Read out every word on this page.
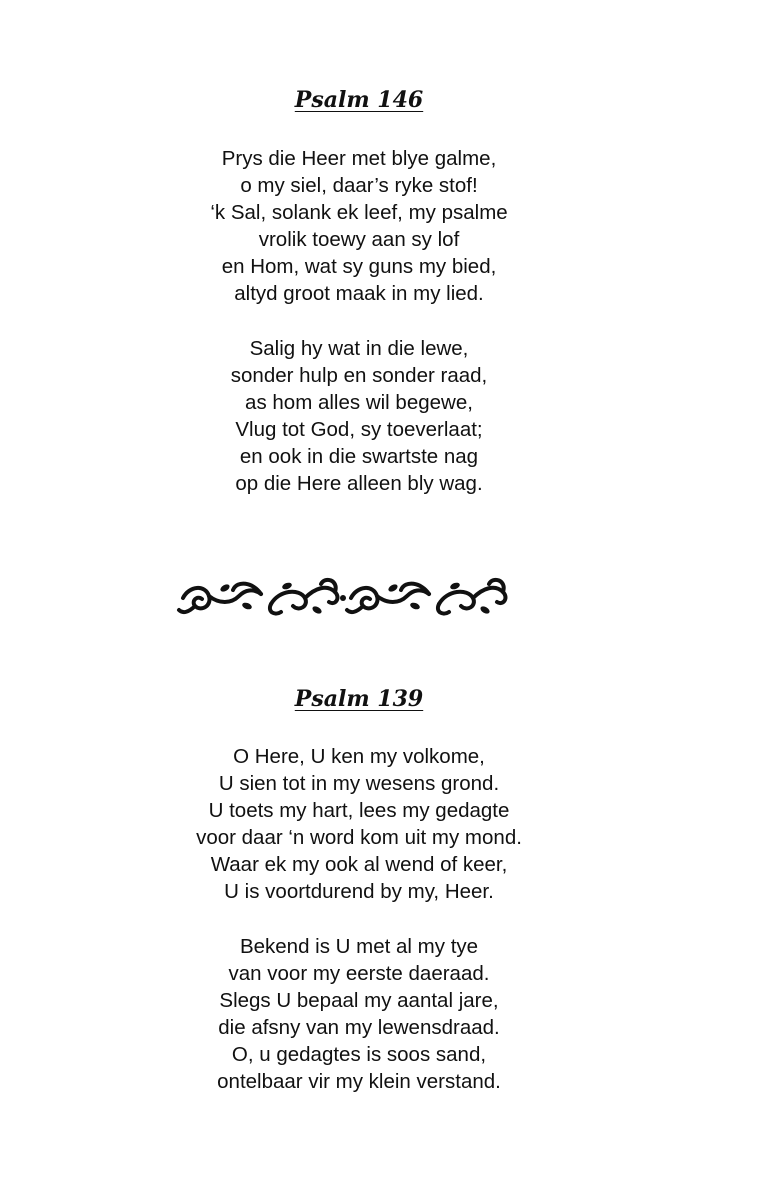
Psalm 146
Prys die Heer met blye galme,
o my siel, daar’s ryke stof!
‘k Sal, solank ek leef, my psalme
vrolik toewy aan sy lof
en Hom, wat sy guns my bied,
altyd groot maak in my lied.
Salig hy wat in die lewe,
sonder hulp en sonder raad,
as hom alles wil begewe,
Vlug tot God, sy toeverlaat;
en ook in die swartste nag
op die Here alleen bly wag.
Psalm 139
O Here, U ken my volkome,
U sien tot in my wesens grond.
U toets my hart, lees my gedagte
voor daar ‘n word kom uit my mond.
Waar ek my ook al wend of keer,
U is voortdurend by my, Heer.
Bekend is U met al my tye
van voor my eerste daeraad.
Slegs U bepaal my aantal jare,
die afsny van my lewensdraad.
O, u gedagtes is soos sand,
ontelbaar vir my klein verstand.
